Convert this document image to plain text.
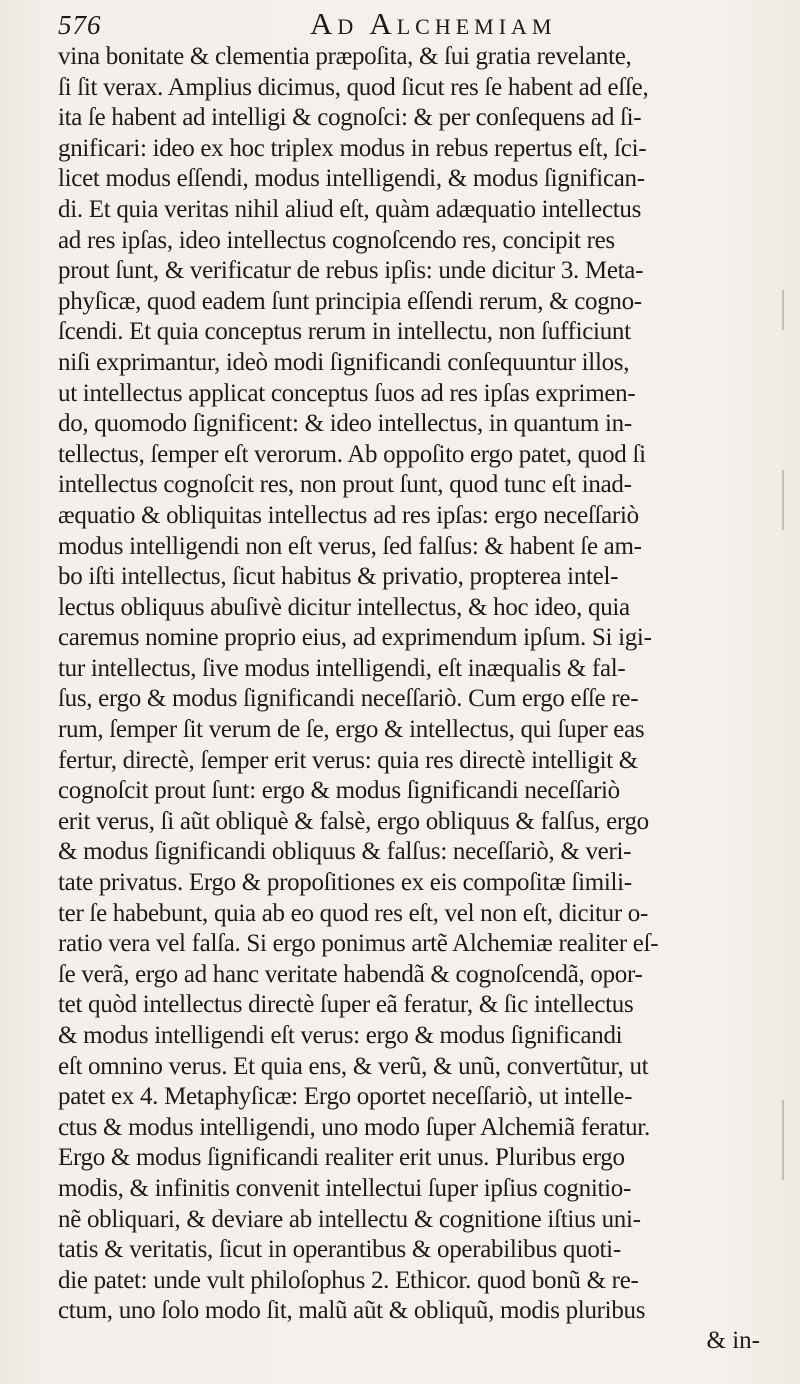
576	Ad Alchemiam
vina bonitate & clementia præpoſita, & ſui gratia revelante,
ſi ſit verax. Amplius dicimus, quod ſicut res ſe habent ad eſſe,
ita ſe habent ad intelligi & cognoſci: & per conſequens ad ſi-
gnificari: ideo ex hoc triplex modus in rebus repertus eſt, ſci-
licet modus eſſendi, modus intelligendi, & modus ſignifican-
di. Et quia veritas nihil aliud eſt, quàm adæquatio intellectus
ad res ipſas, ideo intellectus cognoſcendo res, concipit res
prout ſunt, & verificatur de rebus ipſis: unde dicitur 3. Meta-
phyſicæ, quod eadem ſunt principia eſſendi rerum, & cogno-
ſcendi. Et quia conceptus rerum in intellectu, non ſufficiunt
niſi exprimantur, ideò modi ſignificandi conſequuntur illos,
ut intellectus applicat conceptus ſuos ad res ipſas exprimen-
do, quomodo ſignificent: & ideo intellectus, in quantum in-
tellectus, ſemper eſt verorum. Ab oppoſito ergo patet, quod ſi
intellectus cognoſcit res, non prout ſunt, quod tunc eſt inad-
æquatio & obliquitas intellectus ad res ipſas: ergo neceſſariò
modus intelligendi non eſt verus, ſed falſus: & habent ſe am-
bo iſti intellectus, ſicut habitus & privatio, propterea intel-
lectus obliquus abuſivè dicitur intellectus, & hoc ideo, quia
caremus nomine proprio eius, ad exprimendum ipſum. Si igi-
tur intellectus, ſive modus intelligendi, eſt inæqualis & fal-
ſus, ergo & modus ſignificandi neceſſariò. Cum ergo eſſe re-
rum, ſemper ſit verum de ſe, ergo & intellectus, qui ſuper eas
fertur, directè, ſemper erit verus: quia res directè intelligit &
cognoſcit prout ſunt: ergo & modus ſignificandi neceſſariò
erit verus, ſi aũt obliquè & falsè, ergo obliquus & falſus, ergo
& modus ſignificandi obliquus & falſus: neceſſariò, & veri-
tate privatus. Ergo & propoſitiones ex eis compoſitæ ſimili-
ter ſe habebunt, quia ab eo quod res eſt, vel non eſt, dicitur o-
ratio vera vel falſa. Si ergo ponimus artẽ Alchemiæ realiter eſ-
ſe verã, ergo ad hanc veritate habendã & cognoſcendã, opor-
tet quòd intellectus directè ſuper eã feratur, & ſic intellectus
& modus intelligendi eſt verus: ergo & modus ſignificandi
eſt omnino verus. Et quia ens, & verũ, & unũ, convertũtur, ut
patet ex 4. Metaphyſicæ: Ergo oportet neceſſariò, ut intelle-
ctus & modus intelligendi, uno modo ſuper Alchemiã feratur.
Ergo & modus ſignificandi realiter erit unus. Pluribus ergo
modis, & infinitis convenit intellectui ſuper ipſius cognitio-
nẽ obliquari, & deviare ab intellectu & cognitione iſtius uni-
tatis & veritatis, ſicut in operantibus & operabilibus quoti-
die patet: unde vult philoſophus 2. Ethicor. quod bonũ & re-
ctum, uno ſolo modo ſit, malũ aũt & obliquũ, modis pluribus
& in-
